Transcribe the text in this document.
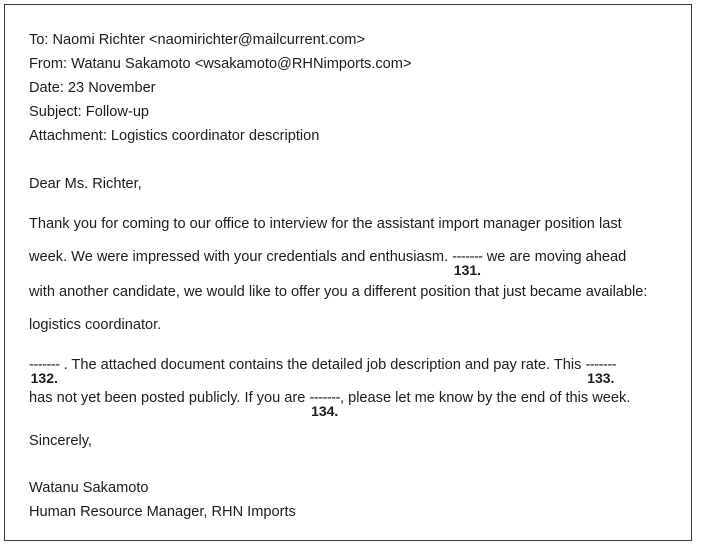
To: Naomi Richter <naomirichter@mailcurrent.com>
From: Watanu Sakamoto <wsakamoto@RHNimports.com>
Date: 23 November
Subject: Follow-up
Attachment: Logistics coordinator description
Dear Ms. Richter,
Thank you for coming to our office to interview for the assistant import manager position last
week. We were impressed with your credentials and enthusiasm. -------
131.
we are moving ahead
with another candidate, we would like to offer you a different position that just became available:
logistics coordinator.
-------
132.
. The attached document contains the detailed job description and pay rate. This -------
133.
has not yet been posted publicly. If you are -------
134.
, please let me know by the end of this week.
Sincerely,
Watanu Sakamoto
Human Resource Manager, RHN Imports
